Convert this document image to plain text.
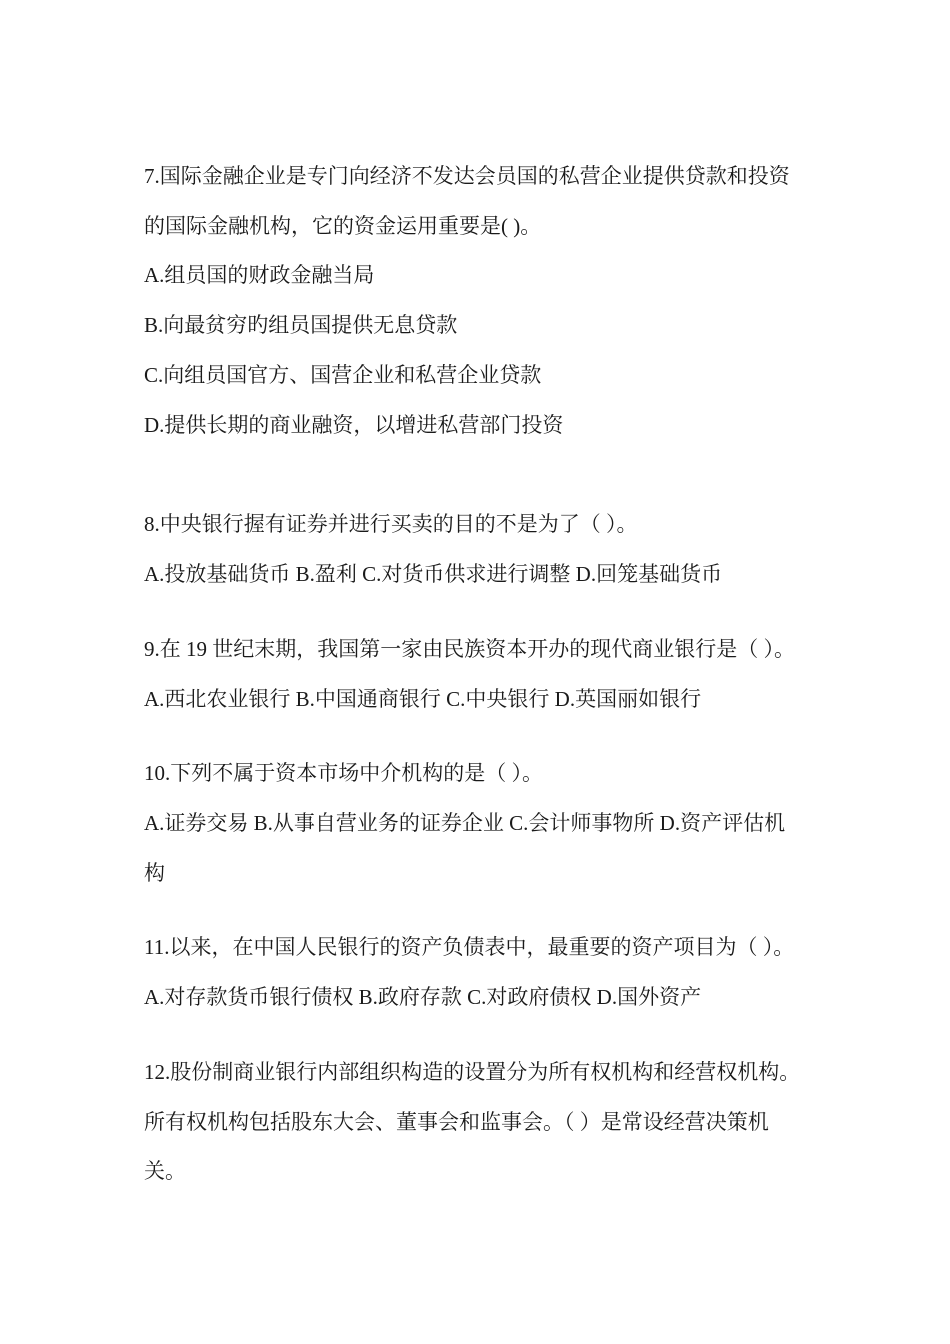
7.国际金融企业是专门向经济不发达会员国的私营企业提供贷款和投资
的国际金融机构，它的资金运用重要是( )。
A.组员国的财政金融当局
B.向最贫穷旳组员国提供无息贷款
C.向组员国官方、国营企业和私营企业贷款
D.提供长期的商业融资，以增进私营部门投资
8.中央银行握有证券并进行买卖的目的不是为了（ ）。
A.投放基础货币 B.盈利 C.对货币供求进行调整 D.回笼基础货币
9.在 19 世纪末期，我国第一家由民族资本开办的现代商业银行是（ ）。
A.西北农业银行 B.中国通商银行 C.中央银行 D.英国丽如银行
10.下列不属于资本市场中介机构的是（ ）。
A.证券交易 B.从事自营业务的证券企业 C.会计师事物所 D.资产评估机
构
11.以来，在中国人民银行的资产负债表中，最重要的资产项目为（ ）。
A.对存款货币银行债权 B.政府存款 C.对政府债权 D.国外资产
12.股份制商业银行内部组织构造的设置分为所有权机构和经营权机构。
所有权机构包括股东大会、董事会和监事会。（ ）是常设经营决策机
关。
